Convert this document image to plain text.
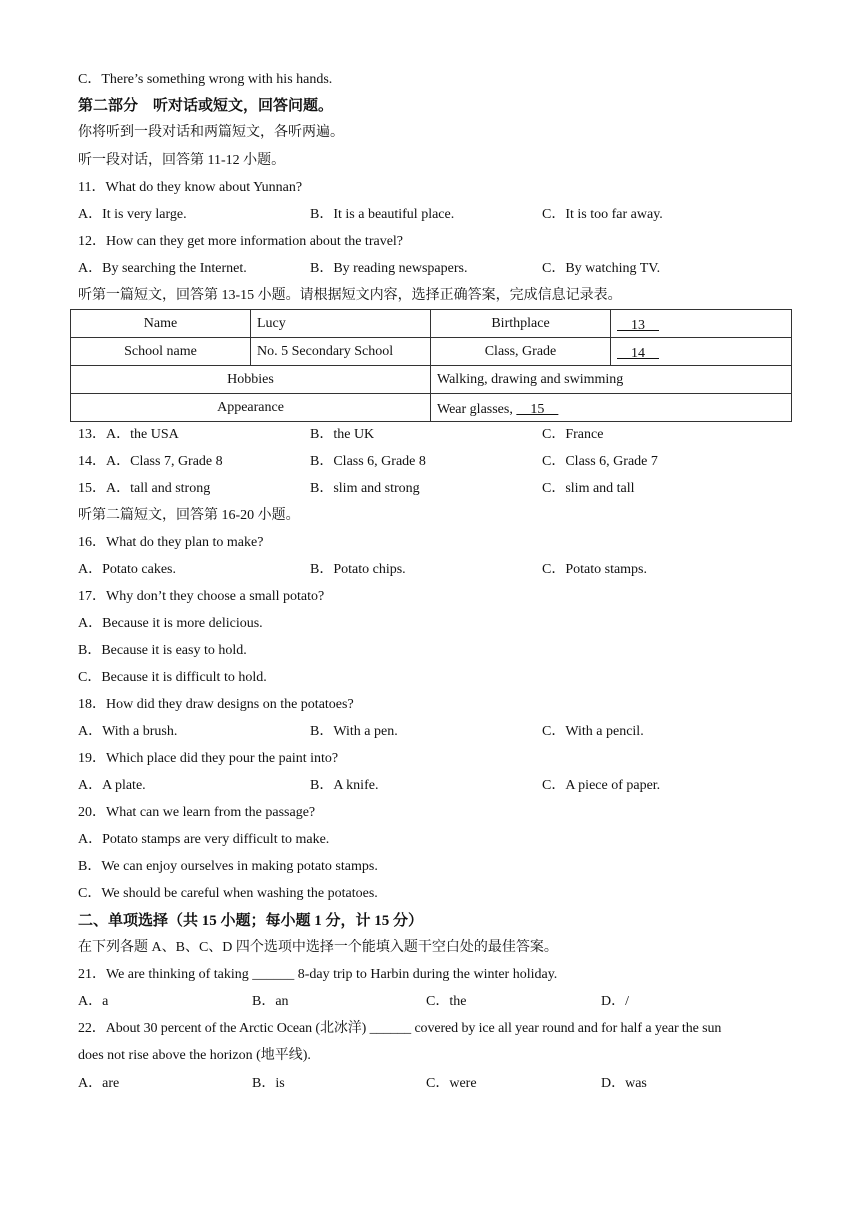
C．There’s something wrong with his hands.
第二部分　听对话或短文，回答问题。
你将听到一段对话和两篇短文，各听两遍。
听一段对话，回答第 11-12 小题。
11．What do they know about Yunnan?
A．It is very large.	B．It is a beautiful place.	C．It is too far away.
12．How can they get more information about the travel?
A．By searching the Internet.	B．By reading newspapers.	C．By watching TV.
听第一篇短文，回答第 13-15 小题。请根据短文内容，选择正确答案，完成信息记录表。
Name	Lucy	Birthplace	　13　
School name	No. 5 Secondary School	Class, Grade	　14　
Hobbies		Walking, drawing and swimming	
Appearance		Wear glasses, 　15　	
13．A．the USA	B．the UK	C．France
14．A．Class 7, Grade 8	B．Class 6, Grade 8	C．Class 6, Grade 7
15．A．tall and strong	B．slim and strong	C．slim and tall
听第二篇短文，回答第 16-20 小题。
16．What do they plan to make?
A．Potato cakes.	B．Potato chips.	C．Potato stamps.
17．Why don’t they choose a small potato?
A．Because it is more delicious.
B．Because it is easy to hold.
C．Because it is difficult to hold.
18．How did they draw designs on the potatoes?
A．With a brush.	B．With a pen.	C．With a pencil.
19．Which place did they pour the paint into?
A．A plate.	B．A knife.	C．A piece of paper.
20．What can we learn from the passage?
A．Potato stamps are very difficult to make.
B．We can enjoy ourselves in making potato stamps.
C．We should be careful when washing the potatoes.
二、单项选择（共 15 小题；每小题 1 分，计 15 分）
在下列各题 A、B、C、D 四个选项中选择一个能填入题干空白处的最佳答案。
21．We are thinking of taking ______ 8-day trip to Harbin during the winter holiday.
A．a	B．an	C．the	D．/
22．About 30 percent of the Arctic Ocean (北冰洋) ______ covered by ice all year round and for half a year the sun
does not rise above the horizon (地平线).
A．are	B．is	C．were	D．was
